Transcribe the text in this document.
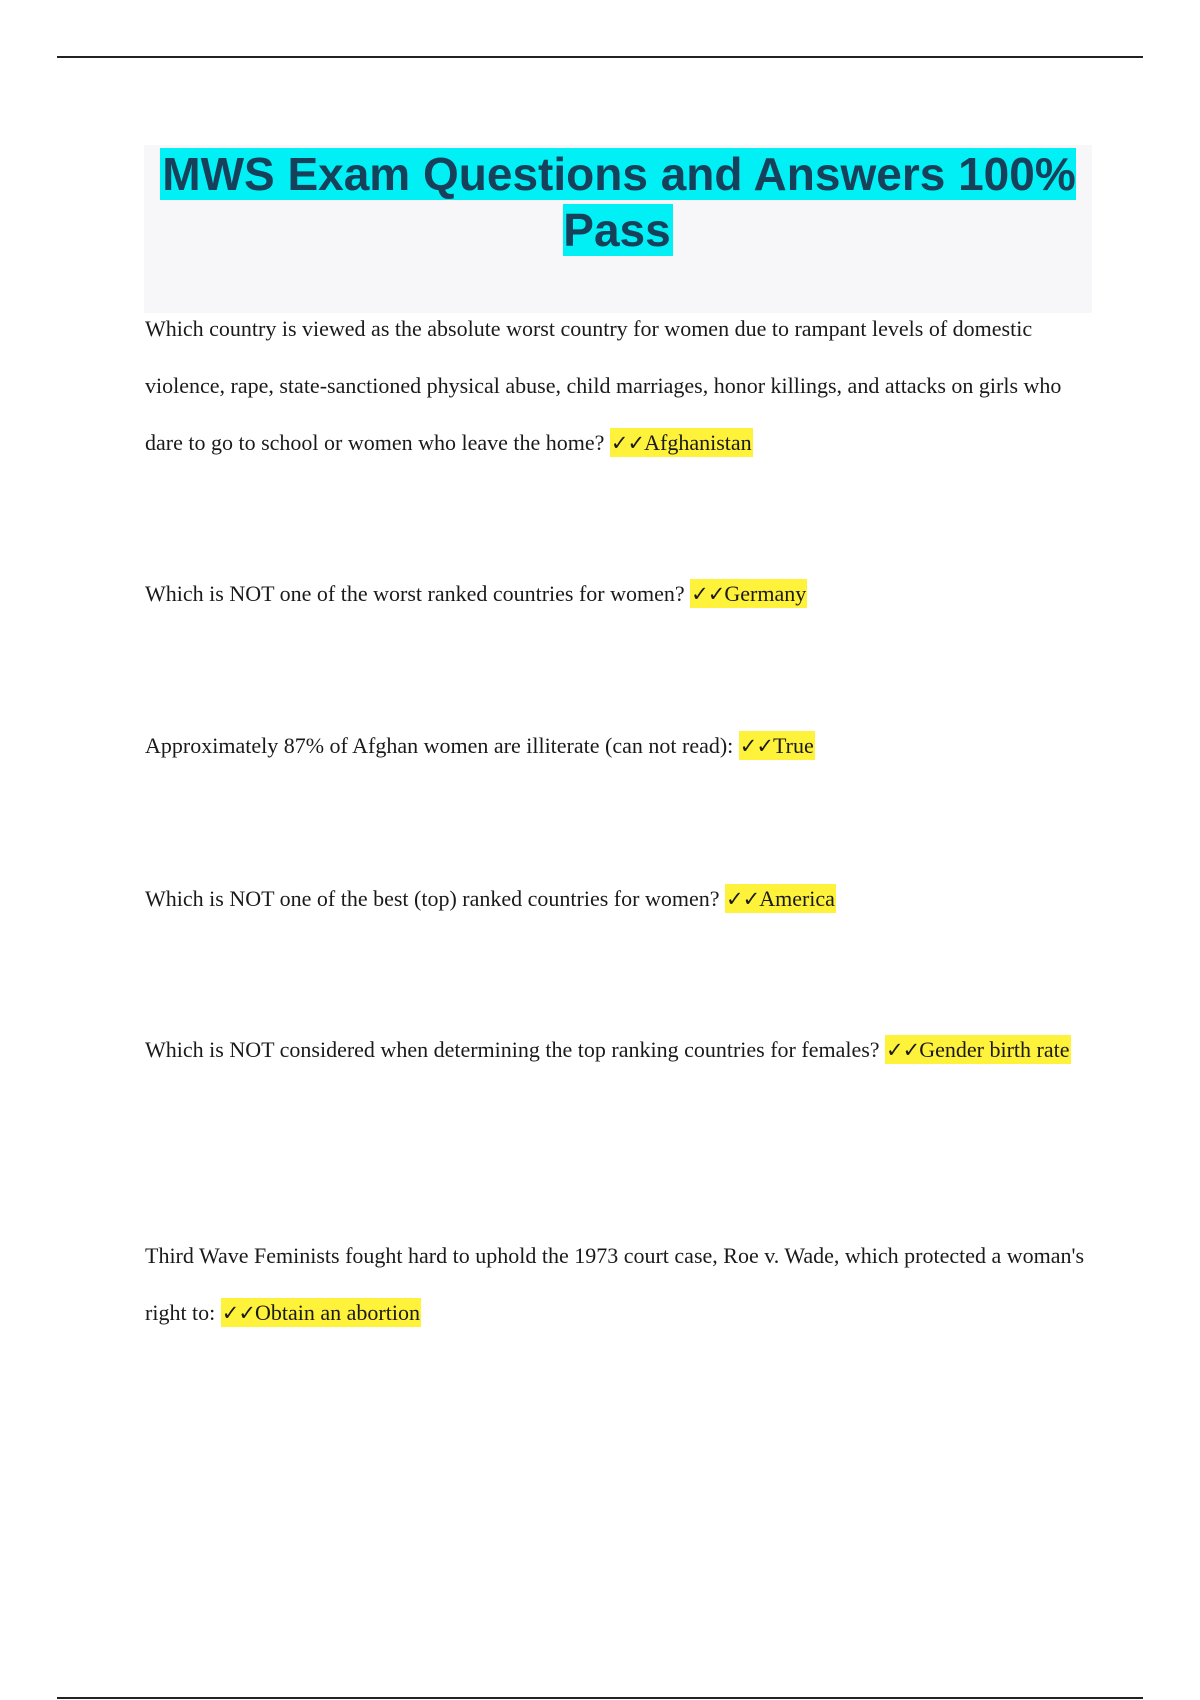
MWS Exam Questions and Answers 100% Pass

Which country is viewed as the absolute worst country for women due to rampant levels of domestic violence, rape, state-sanctioned physical abuse, child marriages, honor killings, and attacks on girls who dare to go to school or women who leave the home? ✓✓Afghanistan

Which is NOT one of the worst ranked countries for women? ✓✓Germany

Approximately 87% of Afghan women are illiterate (can not read): ✓✓True

Which is NOT one of the best (top) ranked countries for women? ✓✓America

Which is NOT considered when determining the top ranking countries for females? ✓✓Gender birth rate

Third Wave Feminists fought hard to uphold the 1973 court case, Roe v. Wade, which protected a woman's right to: ✓✓Obtain an abortion
